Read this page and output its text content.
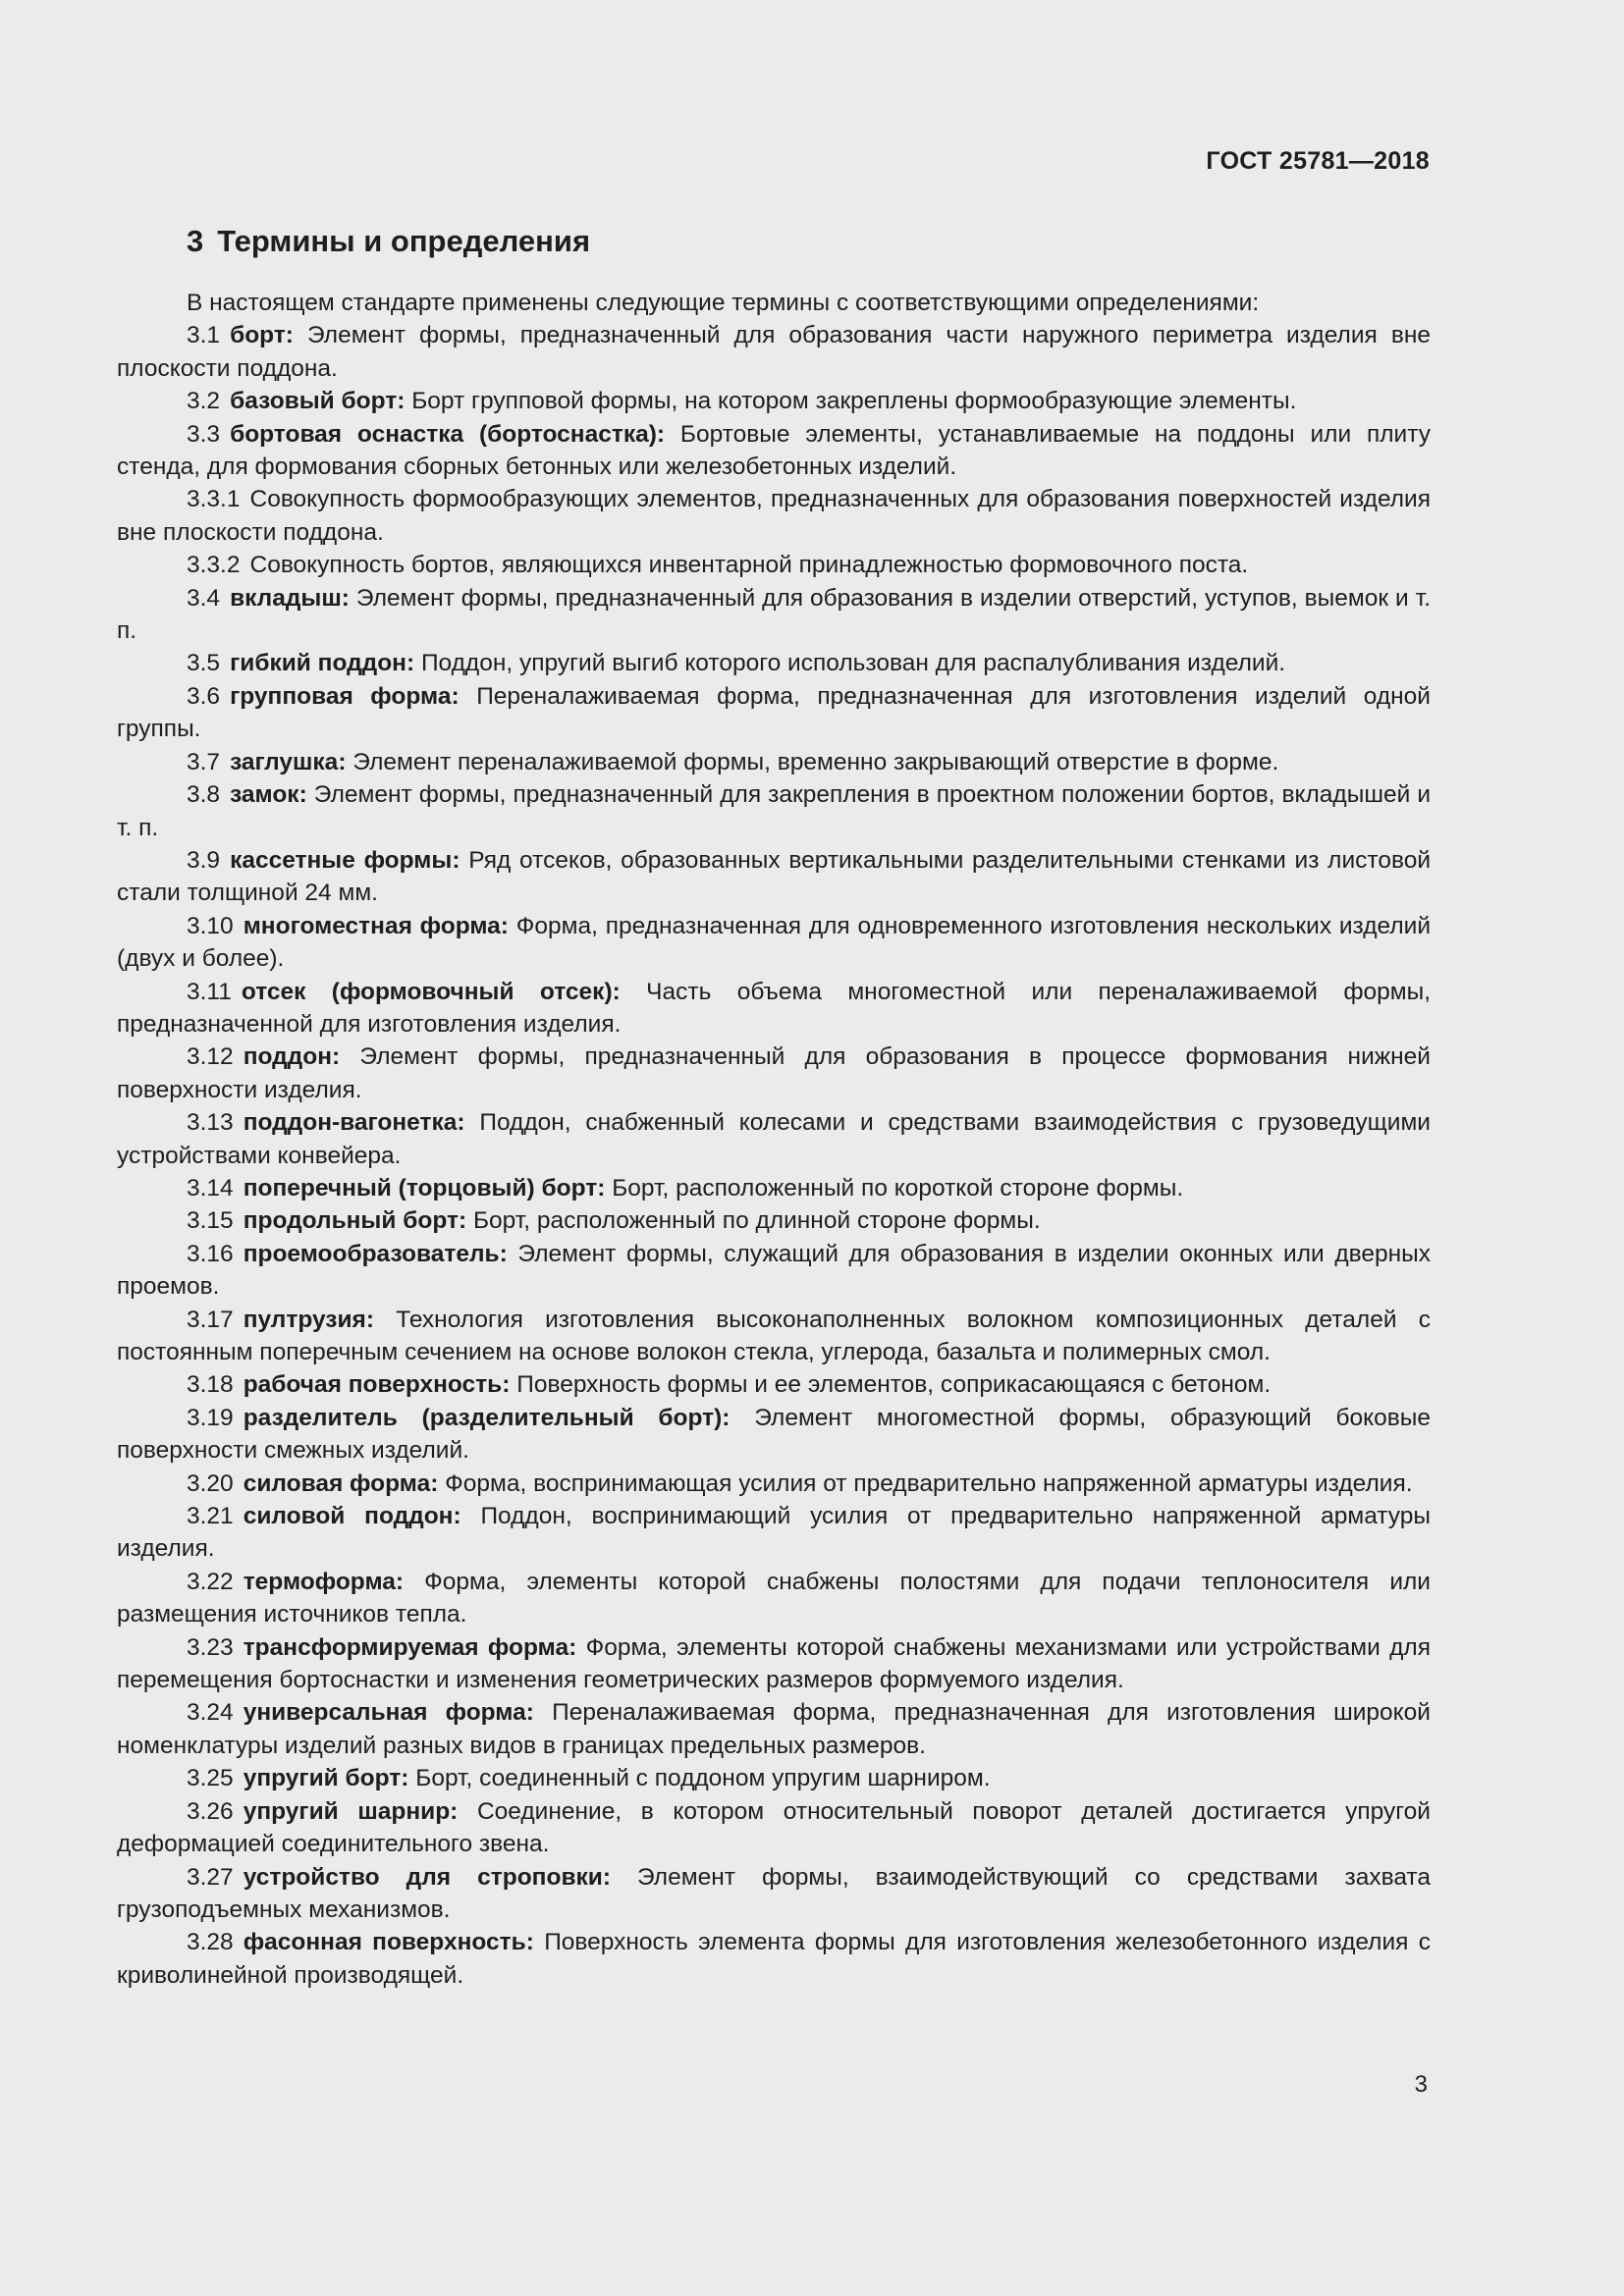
ГОСТ 25781—2018
3 Термины и определения

В настоящем стандарте применены следующие термины с соответствующими определениями:

3.1 борт: Элемент формы, предназначенный для образования части наружного периметра изделия вне плоскости поддона.

3.2 базовый борт: Борт групповой формы, на котором закреплены формообразующие элементы.

3.3 бортовая оснастка (бортоснастка): Бортовые элементы, устанавливаемые на поддоны или плиту стенда, для формования сборных бетонных или железобетонных изделий.

3.3.1 Совокупность формообразующих элементов, предназначенных для образования поверхностей изделия вне плоскости поддона.

3.3.2 Совокупность бортов, являющихся инвентарной принадлежностью формовочного поста.

3.4 вкладыш: Элемент формы, предназначенный для образования в изделии отверстий, уступов, выемок и т. п.

3.5 гибкий поддон: Поддон, упругий выгиб которого использован для распалубливания изделий.

3.6 групповая форма: Переналаживаемая форма, предназначенная для изготовления изделий одной группы.

3.7 заглушка: Элемент переналаживаемой формы, временно закрывающий отверстие в форме.

3.8 замок: Элемент формы, предназначенный для закрепления в проектном положении бортов, вкладышей и т. п.

3.9 кассетные формы: Ряд отсеков, образованных вертикальными разделительными стенками из листовой стали толщиной 24 мм.

3.10 многоместная форма: Форма, предназначенная для одновременного изготовления нескольких изделий (двух и более).

3.11 отсек (формовочный отсек): Часть объема многоместной или переналаживаемой формы, предназначенной для изготовления изделия.

3.12 поддон: Элемент формы, предназначенный для образования в процессе формования нижней поверхности изделия.

3.13 поддон-вагонетка: Поддон, снабженный колесами и средствами взаимодействия с грузоведущими устройствами конвейера.

3.14 поперечный (торцовый) борт: Борт, расположенный по короткой стороне формы.

3.15 продольный борт: Борт, расположенный по длинной стороне формы.

3.16 проемообразователь: Элемент формы, служащий для образования в изделии оконных или дверных проемов.

3.17 пултрузия: Технология изготовления высоконаполненных волокном композиционных деталей с постоянным поперечным сечением на основе волокон стекла, углерода, базальта и полимерных смол.

3.18 рабочая поверхность: Поверхность формы и ее элементов, соприкасающаяся с бетоном.

3.19 разделитель (разделительный борт): Элемент многоместной формы, образующий боковые поверхности смежных изделий.

3.20 силовая форма: Форма, воспринимающая усилия от предварительно напряженной арматуры изделия.

3.21 силовой поддон: Поддон, воспринимающий усилия от предварительно напряженной арматуры изделия.

3.22 термоформа: Форма, элементы которой снабжены полостями для подачи теплоносителя или размещения источников тепла.

3.23 трансформируемая форма: Форма, элементы которой снабжены механизмами или устройствами для перемещения бортоснастки и изменения геометрических размеров формуемого изделия.

3.24 универсальная форма: Переналаживаемая форма, предназначенная для изготовления широкой номенклатуры изделий разных видов в границах предельных размеров.

3.25 упругий борт: Борт, соединенный с поддоном упругим шарниром.

3.26 упругий шарнир: Соединение, в котором относительный поворот деталей достигается упругой деформацией соединительного звена.

3.27 устройство для строповки: Элемент формы, взаимодействующий со средствами захвата грузоподъемных механизмов.

3.28 фасонная поверхность: Поверхность элемента формы для изготовления железобетонного изделия с криволинейной производящей.

3
